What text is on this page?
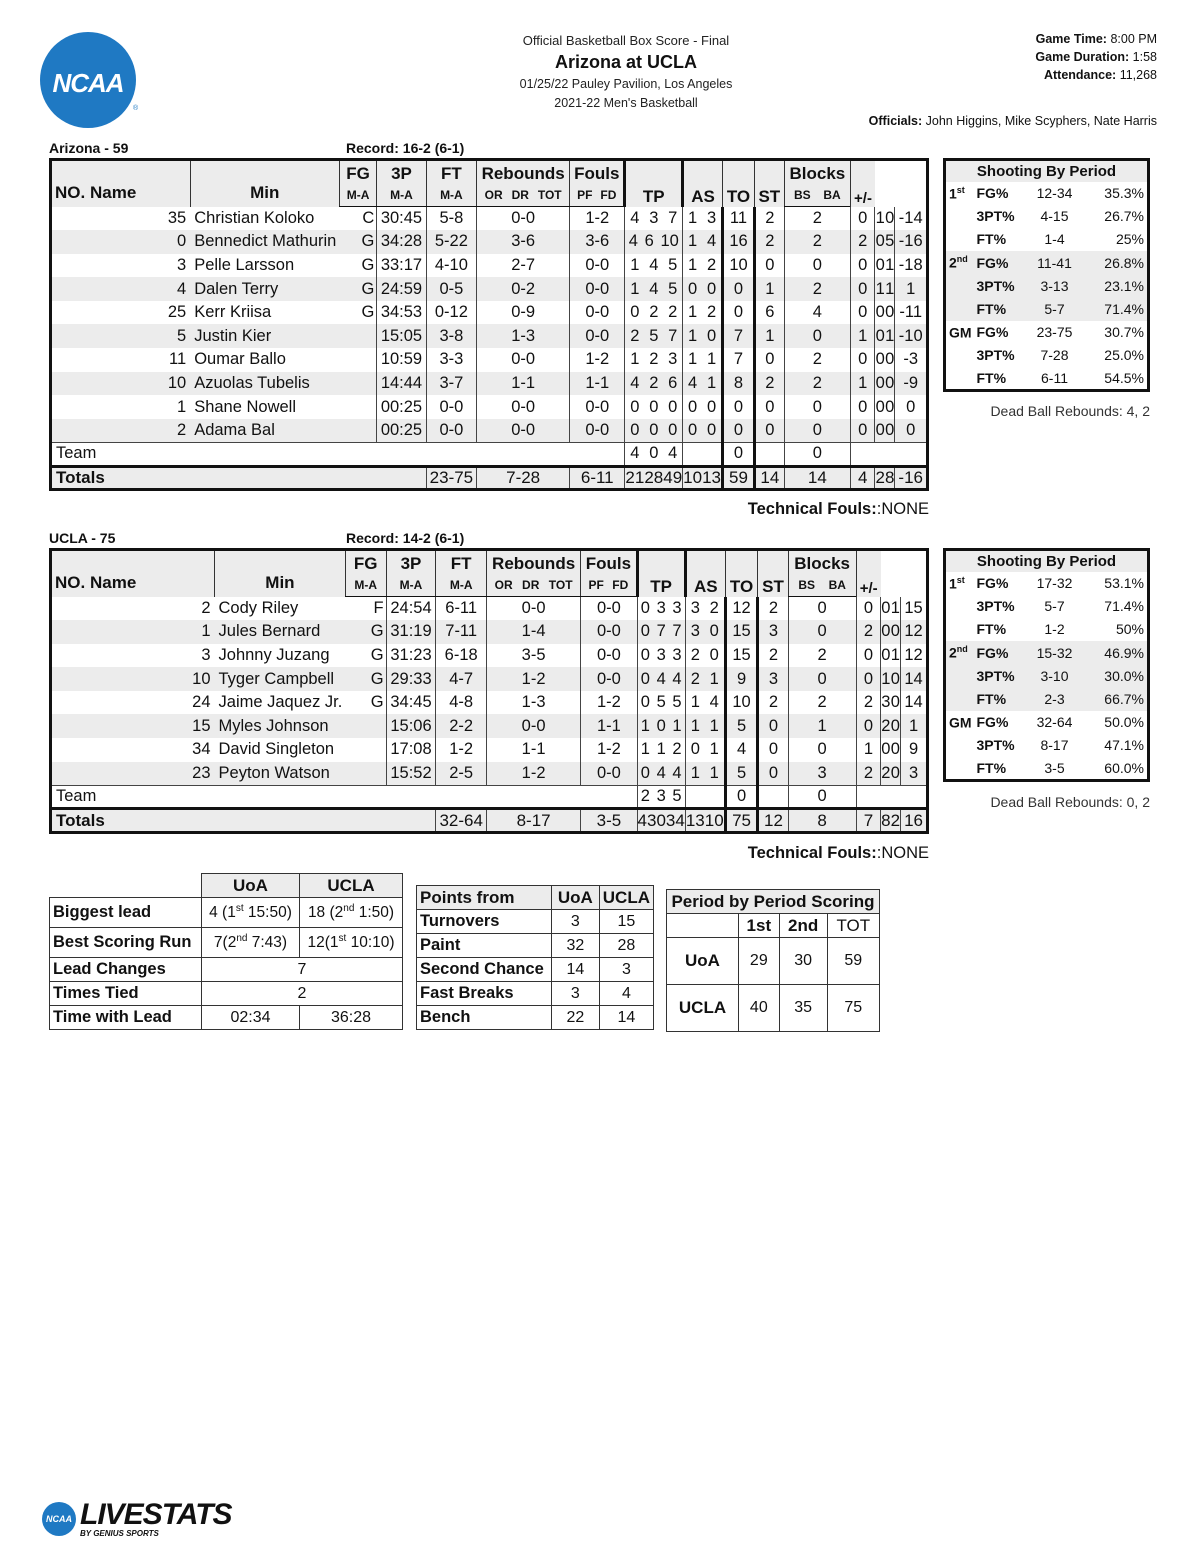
NCAA
®
Official Basketball Box Score - Final
Arizona at UCLA
01/25/22 Pauley Pavilion, Los Angeles
2021-22 Men's Basketball
Game Time: 8:00 PM
Game Duration: 1:58
Attendance: 11,268
Officials: John Higgins, Mike Scyphers, Nate Harris
Arizona - 59	Record: 16-2 (6-1)
NO. Name	Min	FG	3P	FT	Rebounds	Fouls	TP	AS	TO	ST	Blocks	+/-		
		M-A	M-A	M-A	OR DR TOT	PF FD					BS BA			

35	Christian Koloko	C	30:45	5-8	0-0	1-2	4 3 7	1 3	11	2	2	0	1 0	-14
0	Bennedict Mathurin	G	34:28	5-22	3-6	3-6	4 6 10	1 4	16	2	2	2	0 5	-16
3	Pelle Larsson	G	33:17	4-10	2-7	0-0	1 4 5	1 2	10	0	0	0	0 1	-18
4	Dalen Terry	G	24:59	0-5	0-2	0-0	1 4 5	0 0	0	1	2	0	1 1	1
25	Kerr Kriisa	G	34:53	0-12	0-9	0-0	0 2 2	1 2	0	6	4	0	0 0	-11
5	Justin Kier		15:05	3-8	1-3	0-0	2 5 7	1 0	7	1	0	1	0 1	-10
11	Oumar Ballo		10:59	3-3	0-0	1-2	1 2 3	1 1	7	0	2	0	0 0	-3
10	Azuolas Tubelis		14:44	3-7	1-1	1-1	4 2 6	4 1	8	2	2	1	0 0	-9
1	Shane Nowell		00:25	0-0	0-0	0-0	0 0 0	0 0	0	0	0	0	0 0	0
2	Adama Bal		00:25	0-0	0-0	0-0	0 0 0	0 0	0	0	0	0	0 0	0
Team							4 0 4		0		0			
Totals				23-75	7-28	6-11	21 28 49	10 13	59	14	14	4	2 8	-16
Technical Fouls::NONE
Shooting By Period			
1st	FG%	12-34	35.3%
	3PT%	4-15	26.7%
	FT%	1-4	25%
2nd	FG%	11-41	26.8%
	3PT%	3-13	23.1%
	FT%	5-7	71.4%
GM	FG%	23-75	30.7%
	3PT%	7-28	25.0%
	FT%	6-11	54.5%
Dead Ball Rebounds: 4, 2
UCLA - 75	Record: 14-2 (6-1)
NO. Name	Min	FG	3P	FT	Rebounds	Fouls	TP	AS	TO	ST	Blocks	+/-		
		M-A	M-A	M-A	OR DR TOT	PF FD					BS BA			

2	Cody Riley	F	24:54	6-11	0-0	0-0	0 3 3	3 2	12	2	0	0	0 1	15
1	Jules Bernard	G	31:19	7-11	1-4	0-0	0 7 7	3 0	15	3	0	2	0 0	12
3	Johnny Juzang	G	31:23	6-18	3-5	0-0	0 3 3	2 0	15	2	2	0	0 1	12
10	Tyger Campbell	G	29:33	4-7	1-2	0-0	0 4 4	2 1	9	3	0	0	1 0	14
24	Jaime Jaquez Jr.	G	34:45	4-8	1-3	1-2	0 5 5	1 4	10	2	2	2	3 0	14
15	Myles Johnson		15:06	2-2	0-0	1-1	1 0 1	1 1	5	0	1	0	2 0	1
34	David Singleton		17:08	1-2	1-1	1-2	1 1 2	0 1	4	0	0	1	0 0	9
23	Peyton Watson		15:52	2-5	1-2	0-0	0 4 4	1 1	5	0	3	2	2 0	3
Team							2 3 5		0		0			
Totals				32-64	8-17	3-5	4 30 34	13 10	75	12	8	7	8 2	16
Technical Fouls::NONE
Shooting By Period			
1st	FG%	17-32	53.1%
	3PT%	5-7	71.4%
	FT%	1-2	50%
2nd	FG%	15-32	46.9%
	3PT%	3-10	30.0%
	FT%	2-3	66.7%
GM	FG%	32-64	50.0%
	3PT%	8-17	47.1%
	FT%	3-5	60.0%
Dead Ball Rebounds: 0, 2
	UoA	UCLA
Biggest lead	4 (1st 15:50)	18 (2nd 1:50)
Best Scoring Run	7(2nd 7:43)	12(1st 10:10)
Lead Changes	7	
Times Tied	2	
Time with Lead	02:34	36:28
Points from	UoA	UCLA
Turnovers	3	15
Paint	32	28
Second Chance	14	3
Fast Breaks	3	4
Bench	22	14
Period by Period Scoring			
	1st	2nd	TOT
UoA	29	30	59
UCLA	40	35	75
NCAA LIVESTATS
BY GENIUS SPORTS
